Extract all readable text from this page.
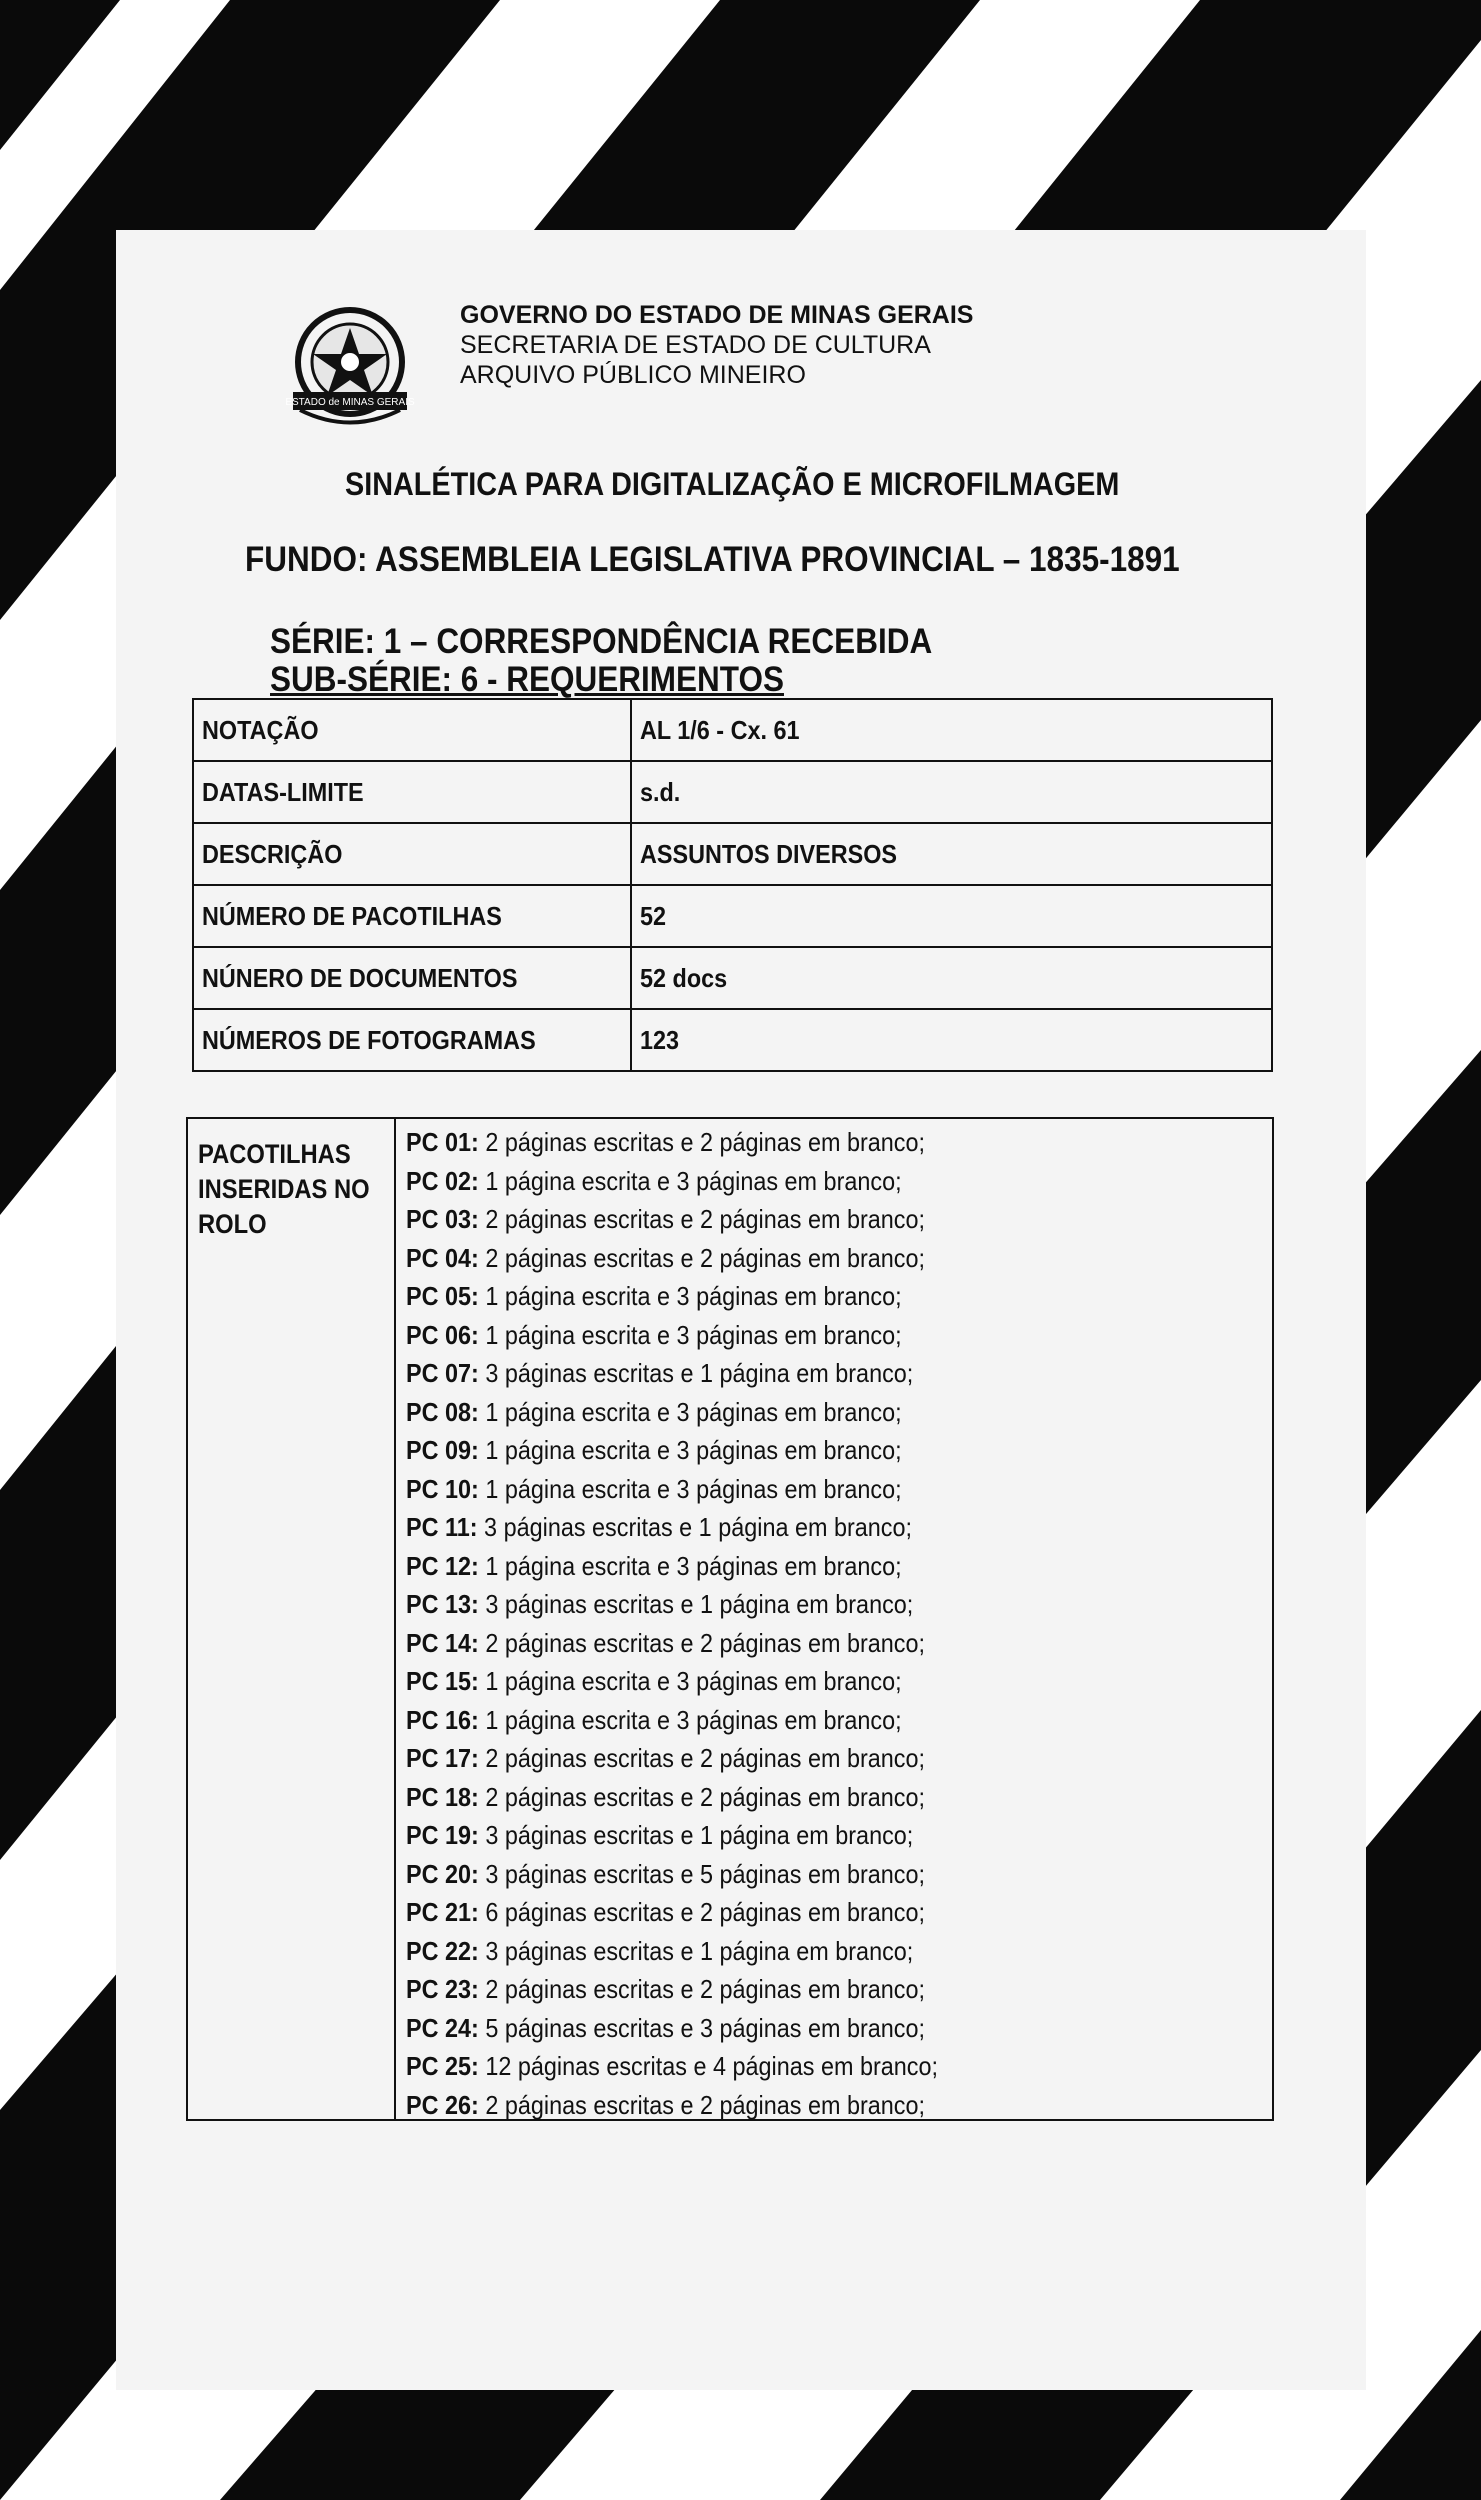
ESTADO de MINAS GERAIS
GOVERNO DO ESTADO DE MINAS GERAIS
SECRETARIA DE ESTADO DE CULTURA
ARQUIVO PÚBLICO MINEIRO
SINALÉTICA PARA DIGITALIZAÇÃO E MICROFILMAGEM
FUNDO: ASSEMBLEIA LEGISLATIVA PROVINCIAL – 1835-1891
SÉRIE: 1 – CORRESPONDÊNCIA RECEBIDA
SUB-SÉRIE: 6 - REQUERIMENTOS
NOTAÇÃO	AL 1/6 - Cx. 61
DATAS-LIMITE	s.d.
DESCRIÇÃO	ASSUNTOS DIVERSOS
NÚMERO DE PACOTILHAS	52
NÚNERO DE DOCUMENTOS	52 docs
NÚMEROS DE FOTOGRAMAS	123
PACOTILHAS INSERIDAS NO ROLO
PC 01: 2 páginas escritas e 2 páginas em branco;
PC 02: 1 página escrita e 3 páginas em branco;
PC 03: 2 páginas escritas e 2 páginas em branco;
PC 04: 2 páginas escritas e 2 páginas em branco;
PC 05: 1 página escrita e 3 páginas em branco;
PC 06: 1 página escrita e 3 páginas em branco;
PC 07: 3 páginas escritas e 1 página em branco;
PC 08: 1 página escrita e 3 páginas em branco;
PC 09: 1 página escrita e 3 páginas em branco;
PC 10: 1 página escrita e 3 páginas em branco;
PC 11: 3 páginas escritas e 1 página em branco;
PC 12: 1 página escrita e 3 páginas em branco;
PC 13: 3 páginas escritas e 1 página em branco;
PC 14: 2 páginas escritas e 2 páginas em branco;
PC 15: 1 página escrita e 3 páginas em branco;
PC 16: 1 página escrita e 3 páginas em branco;
PC 17: 2 páginas escritas e 2 páginas em branco;
PC 18: 2 páginas escritas e 2 páginas em branco;
PC 19: 3 páginas escritas e 1 página em branco;
PC 20: 3 páginas escritas e 5 páginas em branco;
PC 21: 6 páginas escritas e 2 páginas em branco;
PC 22: 3 páginas escritas e 1 página em branco;
PC 23: 2 páginas escritas e 2 páginas em branco;
PC 24: 5 páginas escritas e 3 páginas em branco;
PC 25: 12 páginas escritas e 4 páginas em branco;
PC 26: 2 páginas escritas e 2 páginas em branco;
